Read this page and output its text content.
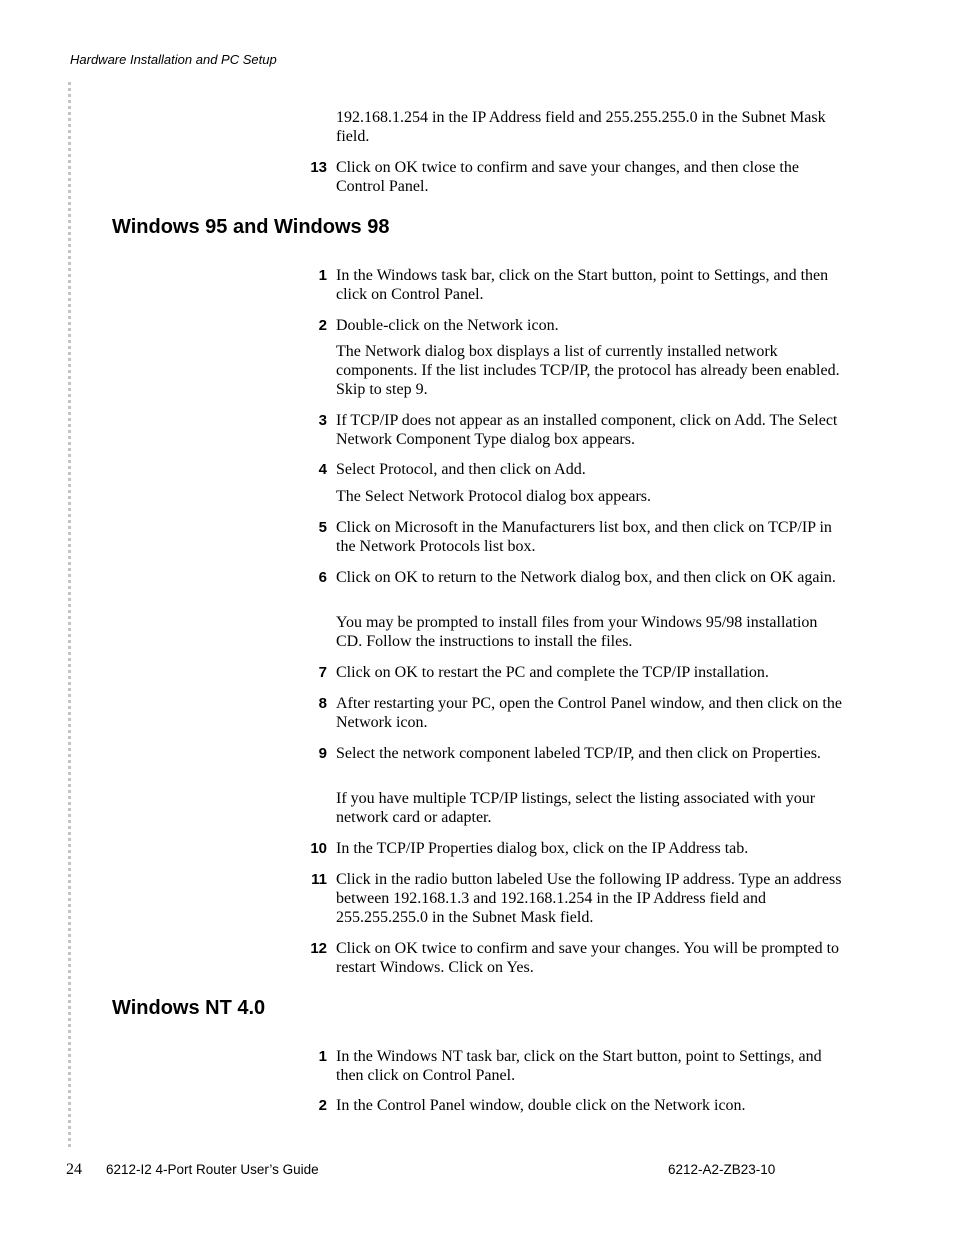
Hardware Installation and PC Setup

192.168.1.254 in the IP Address field and 255.255.255.0 in the Subnet Mask field.

13 Click on OK twice to confirm and save your changes, and then close the Control Panel.
Windows 95 and Windows 98
1 In the Windows task bar, click on the Start button, point to Settings, and then click on Control Panel.
2 Double-click on the Network icon.

The Network dialog box displays a list of currently installed network components. If the list includes TCP/IP, the protocol has already been enabled. Skip to step 9.

3 If TCP/IP does not appear as an installed component, click on Add. The Select Network Component Type dialog box appears.
4 Select Protocol, and then click on Add.

The Select Network Protocol dialog box appears.

5 Click on Microsoft in the Manufacturers list box, and then click on TCP/IP in the Network Protocols list box.
6 Click on OK to return to the Network dialog box, and then click on OK again.

You may be prompted to install files from your Windows 95/98 installation CD. Follow the instructions to install the files.

7 Click on OK to restart the PC and complete the TCP/IP installation.
8 After restarting your PC, open the Control Panel window, and then click on the Network icon.
9 Select the network component labeled TCP/IP, and then click on Properties.

If you have multiple TCP/IP listings, select the listing associated with your network card or adapter.

10 In the TCP/IP Properties dialog box, click on the IP Address tab.
11 Click in the radio button labeled Use the following IP address. Type an address between 192.168.1.3 and 192.168.1.254 in the IP Address field and 255.255.255.0 in the Subnet Mask field.
12 Click on OK twice to confirm and save your changes. You will be prompted to restart Windows. Click on Yes.
Windows NT 4.0
1 In the Windows NT task bar, click on the Start button, point to Settings, and then click on Control Panel.
2 In the Control Panel window, double click on the Network icon.
24 6212-I2 4-Port Router User’s Guide	6212-A2-ZB23-10
